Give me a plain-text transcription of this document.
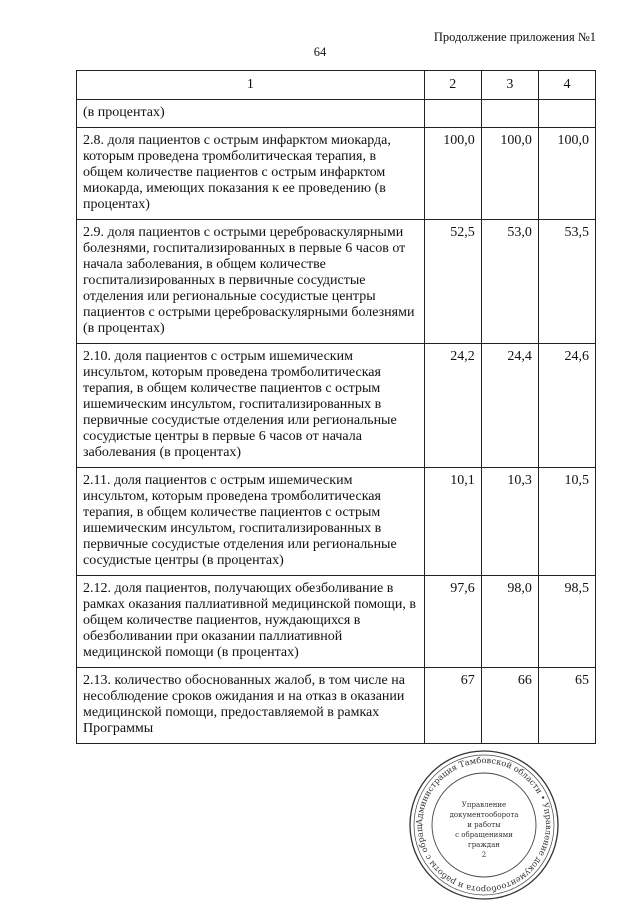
Продолжение приложения №1
64
1	2	3	4
(в процентах)			
2.8. доля пациентов с острым инфарктом миокарда, которым проведена тромболитическая терапия, в общем количестве пациентов с острым инфарктом миокарда, имеющих показания к ее проведению (в процентах)	100,0	100,0	100,0
2.9. доля пациентов с острыми цереброваскулярными болезнями, госпитализированных в первые 6 часов от начала заболевания, в общем количестве госпитализированных в первичные сосудистые отделения или региональные сосудистые центры пациентов с острыми цереброваскулярными болезнями (в процентах)	52,5	53,0	53,5
2.10. доля пациентов с острым ишемическим инсультом, которым проведена тромболитическая терапия, в общем количестве пациентов с острым ишемическим инсультом, госпитализированных в первичные сосудистые отделения или региональные сосудистые центры в первые 6 часов от начала заболевания (в процентах)	24,2	24,4	24,6
2.11. доля пациентов с острым ишемическим инсультом, которым проведена тромболитическая терапия, в общем количестве пациентов с острым ишемическим инсультом, госпитализированных в первичные сосудистые отделения или региональные сосудистые центры (в процентах)	10,1	10,3	10,5
2.12. доля пациентов, получающих обезболивание в рамках оказания паллиативной медицинской помощи, в общем количестве пациентов, нуждающихся в обезболивании при оказании паллиативной медицинской помощи (в процентах)	97,6	98,0	98,5
2.13. количество обоснованных жалоб, в том числе на несоблюдение сроков ожидания и на отказ в оказании медицинской помощи, предоставляемой в рамках Программы	67	66	65
Администрация Тамбовской области • Управление документооборота и работы с обращ
Управление
документооборота
и работы
с обращениями
граждан
2
